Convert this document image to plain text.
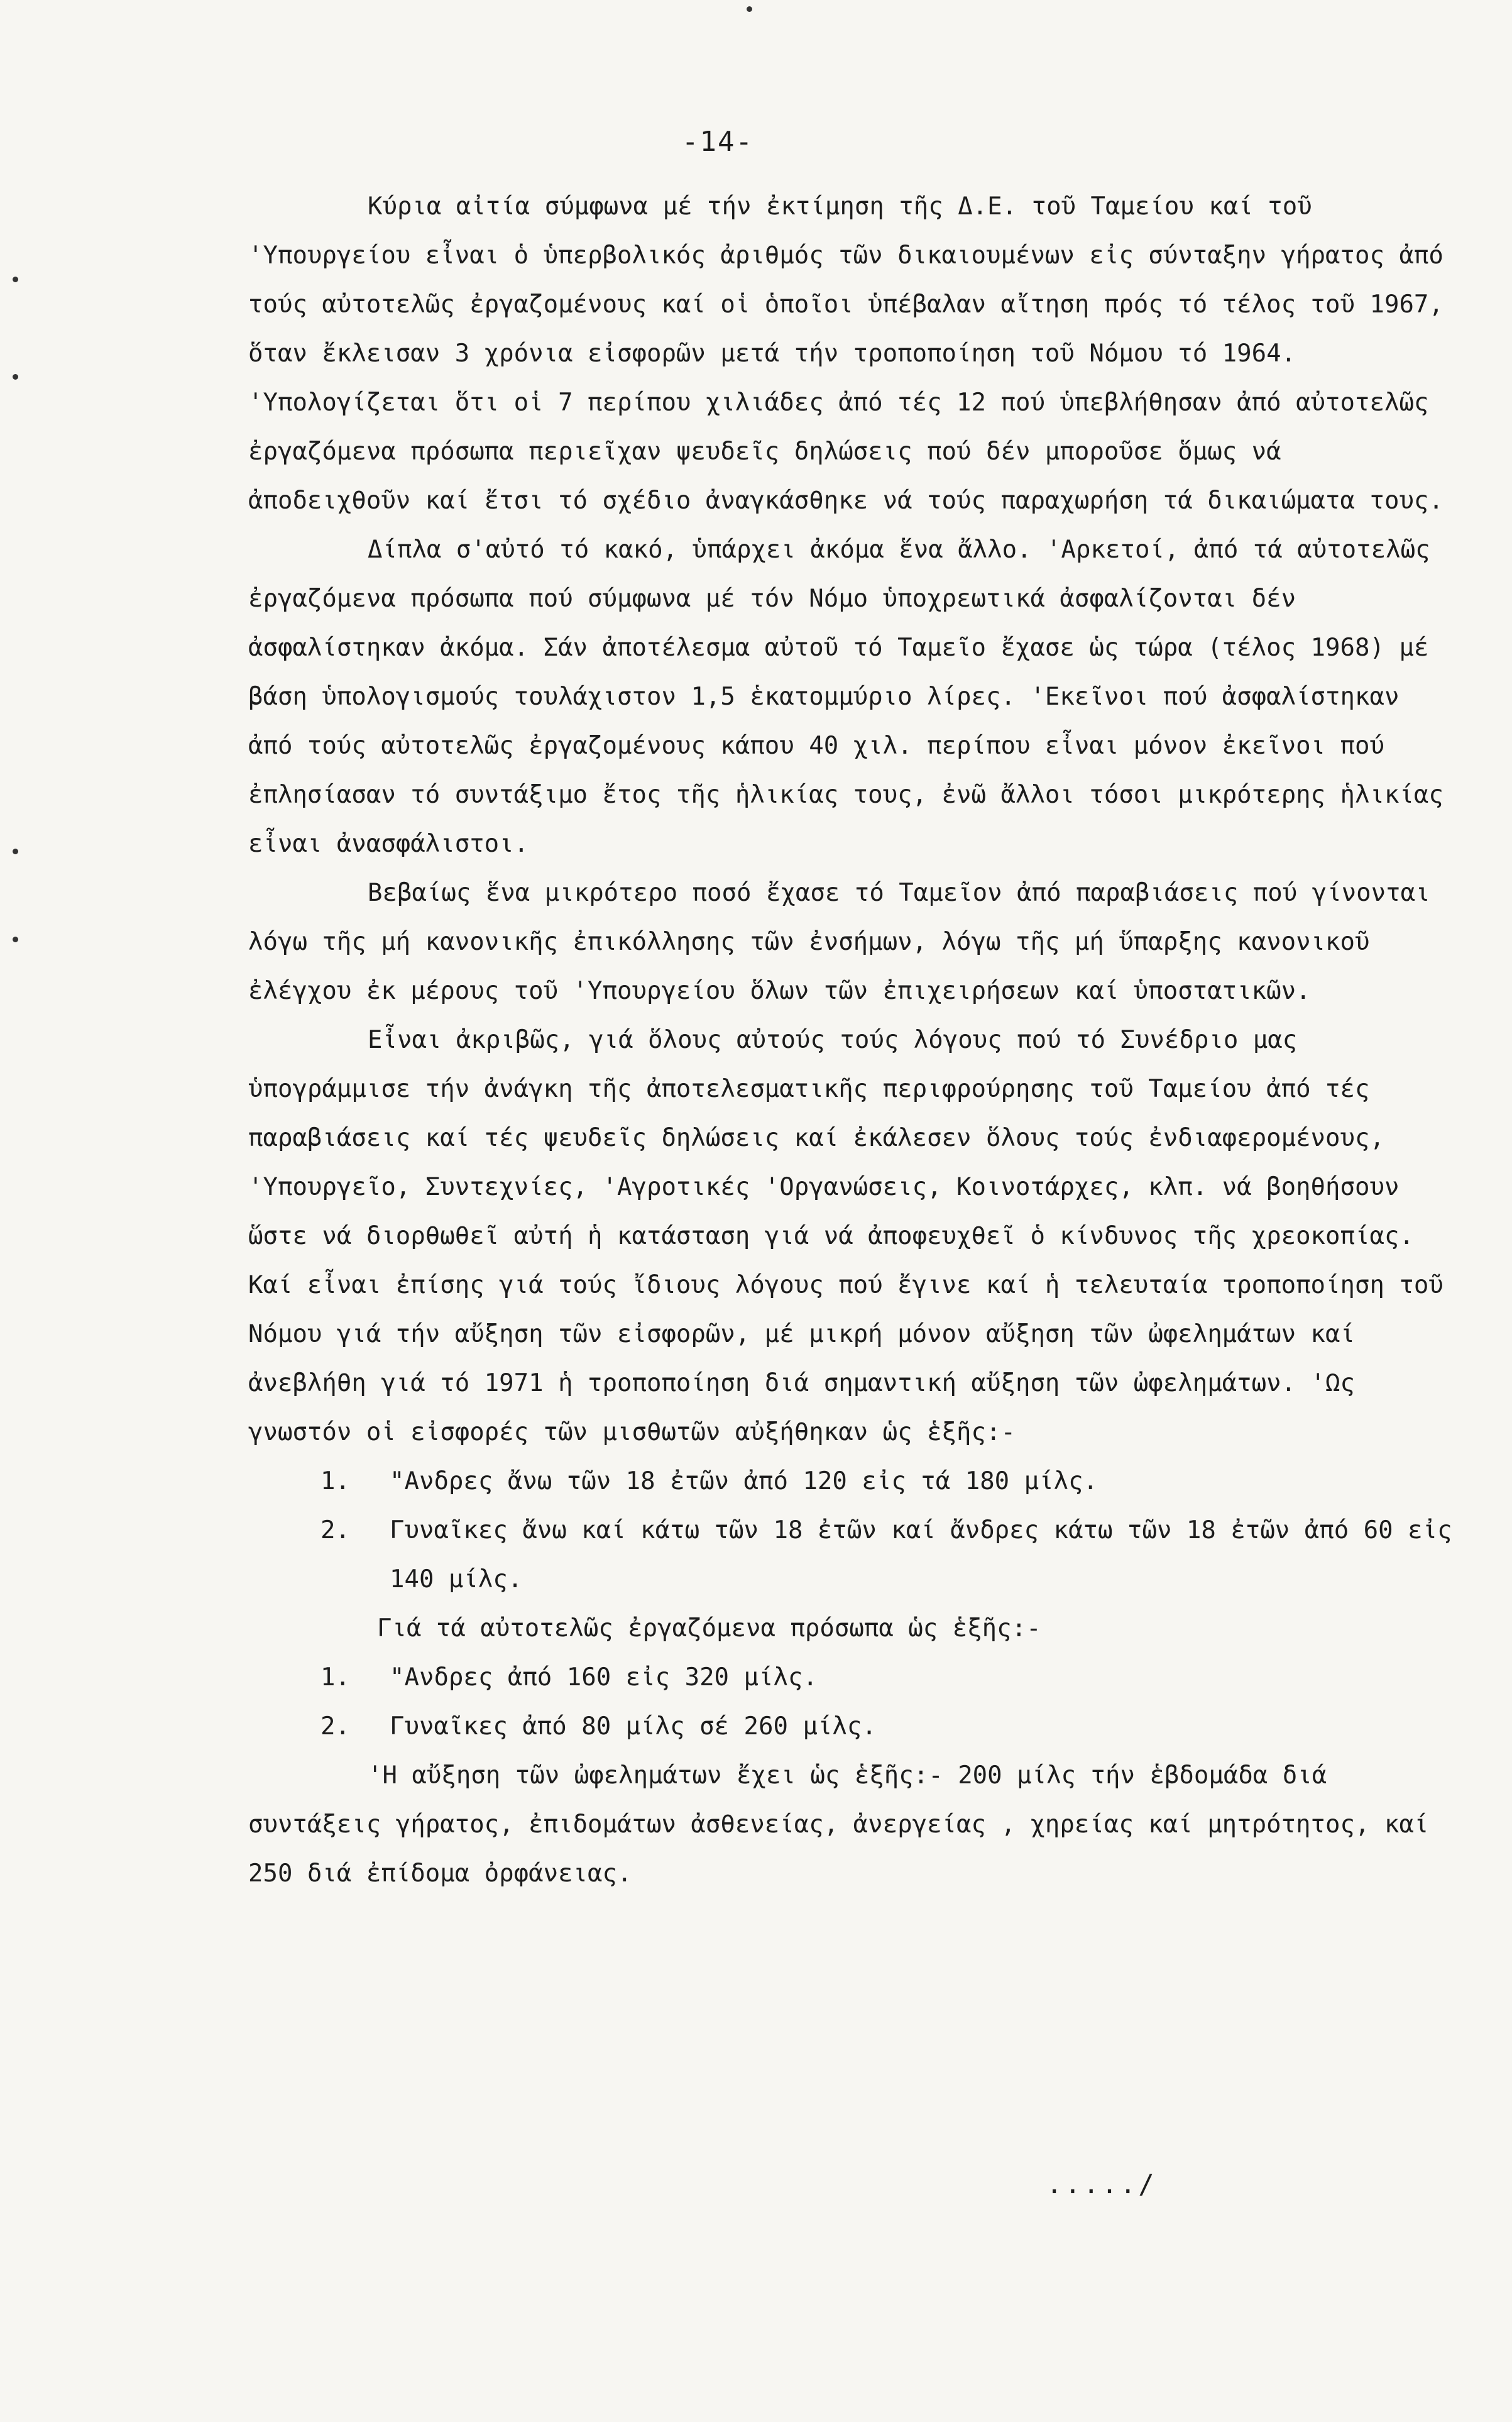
-14-

Κύρια αἰτία σύμφωνα μέ τήν ἐκτίμηση τῆς Δ.Ε. τοῦ Ταμείου καί τοῦ 'Υπουργείου εἶναι ὁ ὑπερβολικός ἀριθμός τῶν δικαιουμένων εἰς σύνταξην γήρατος ἀπό τούς αὐτοτελῶς ἐργαζομένους καί οἱ ὁποῖοι ὑπέβαλαν αἴτηση πρός τό τέλος τοῦ 1967, ὅταν ἔκλεισαν 3 χρόνια εἰσφορῶν μετά τήν τροποποίηση τοῦ Νόμου τό 1964. 'Υπολογίζεται ὅτι οἱ 7 περίπου χιλιάδες ἀπό τές 12 πού ὑπεβλήθησαν ἀπό αὐτοτελῶς ἐργαζόμενα πρόσωπα περιεῖχαν ψευδεῖς δηλώσεις πού δέν μποροῦσε ὅμως νά ἀποδειχθοῦν καί ἔτσι τό σχέδιο ἀναγκάσθηκε νά τούς παραχωρήση τά δικαιώματα τους.

Δίπλα σ'αὐτό τό κακό, ὑπάρχει ἀκόμα ἕνα ἄλλο. 'Αρκετοί, ἀπό τά αὐτοτελῶς ἐργαζόμενα πρόσωπα πού σύμφωνα μέ τόν Νόμο ὑποχρεωτικά ἀσφαλίζονται δέν ἀσφαλίστηκαν ἀκόμα. Σάν ἀποτέλεσμα αὐτοῦ τό Ταμεῖο ἔχασε ὡς τώρα (τέλος 1968) μέ βάση ὑπολογισμούς τουλάχιστον 1,5 ἑκατομμύριο λίρες. 'Εκεῖνοι πού ἀσφαλίστηκαν ἀπό τούς αὐτοτελῶς ἐργαζομένους κάπου 40 χιλ. περίπου εἶναι μόνον ἐκεῖνοι πού ἐπλησίασαν τό συντάξιμο ἔτος τῆς ἡλικίας τους, ἐνῶ ἄλλοι τόσοι μικρότερης ἡλικίας εἶναι ἀνασφάλιστοι.

Βεβαίως ἕνα μικρότερο ποσό ἔχασε τό Ταμεῖον ἀπό παραβιάσεις πού γίνονται λόγω τῆς μή κανονικῆς ἐπικόλλησης τῶν ἐνσήμων, λόγω τῆς μή ὕπαρξης κανονικοῦ ἐλέγχου ἐκ μέρους τοῦ 'Υπουργείου ὅλων τῶν ἐπιχειρήσεων καί ὑποστατικῶν.

Εἶναι ἀκριβῶς, γιά ὅλους αὐτούς τούς λόγους πού τό Συνέδριο μας ὑπογράμμισε τήν ἀνάγκη τῆς ἀποτελεσματικῆς περιφρούρησης τοῦ Ταμείου ἀπό τές παραβιάσεις καί τές ψευδεῖς δηλώσεις καί ἐκάλεσεν ὅλους τούς ἐνδιαφερομένους, 'Υπουργεῖο, Συντεχνίες, 'Αγροτικές 'Οργανώσεις, Κοινοτάρχες, κλπ. νά βοηθήσουν ὥστε νά διορθωθεῖ αὐτή ἡ κατάσταση γιά νά ἀποφευχθεῖ ὁ κίνδυνος τῆς χρεοκοπίας. Καί εἶναι ἐπίσης γιά τούς ἴδιους λόγους πού ἔγινε καί ἡ τελευταία τροποποίηση τοῦ Νόμου γιά τήν αὔξηση τῶν εἰσφορῶν, μέ μικρή μόνον αὔξηση τῶν ὠφελημάτων καί ἀνεβλήθη γιά τό 1971 ἡ τροποποίηση διά σημαντική αὔξηση τῶν ὠφελημάτων. 'Ως γνωστόν οἱ εἰσφορές τῶν μισθωτῶν αὐξήθηκαν ὡς ἑξῆς:-

1. "Ανδρες ἄνω τῶν 18 ἐτῶν ἀπό 120 εἰς τά 180 μίλς.
2. Γυναῖκες ἄνω καί κάτω τῶν 18 ἐτῶν καί ἄνδρες κάτω τῶν 18 ἐτῶν ἀπό 60 εἰς 140 μίλς.

Γιά τά αὐτοτελῶς ἐργαζόμενα πρόσωπα ὡς ἑξῆς:-

1. "Ανδρες ἀπό 160 εἰς 320 μίλς.
2. Γυναῖκες ἀπό 80 μίλς σέ 260 μίλς.

'Η αὔξηση τῶν ὠφελημάτων ἔχει ὡς ἑξῆς:- 200 μίλς τήν ἑβδομάδα διά συντάξεις γήρατος, ἐπιδομάτων ἀσθενείας, ἀνεργείας , χηρείας καί μητρότητος, καί 250 διά ἐπίδομα ὀρφάνειας.

.....∕
